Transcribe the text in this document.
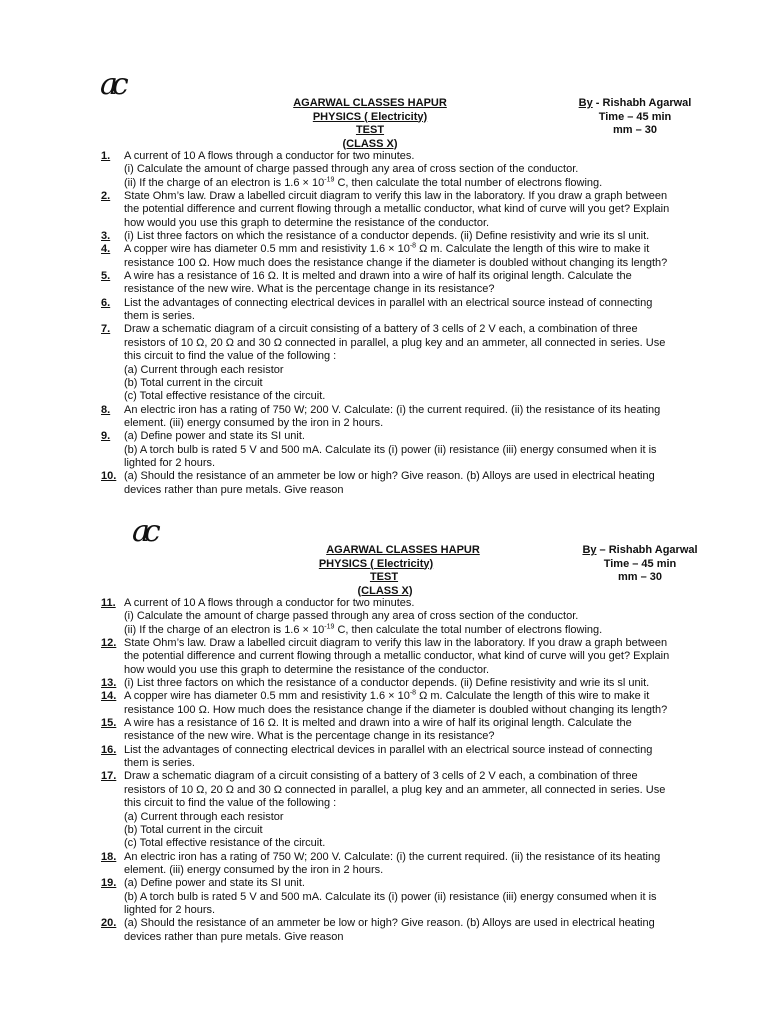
ac
AGARWAL CLASSES HAPUR
PHYSICS ( Electricity)
TEST
(CLASS X)
By - Rishabh Agarwal
Time – 45 min
mm – 30
1. A current of 10 A flows through a conductor for two minutes.
(i) Calculate the amount of charge passed through any area of cross section of the conductor.
(ii) If the charge of an electron is $1.6 \times 10^{-19}$ C, then calculate the total number of electrons flowing.
2. State Ohm’s law. Draw a labelled circuit diagram to verify this law in the laboratory. If you draw a graph between
the potential difference and current flowing through a metallic conductor, what kind of curve will you get? Explain
how would you use this graph to determine the resistance of the conductor.
3. (i) List three factors on which the resistance of a conductor depends. (ii) Define resistivity and wrie its sl unit.
4. A copper wire has diameter 0.5 mm and resistivity $1.6 \times 10^{-8}$ Ω m. Calculate the length of this wire to make it
resistance 100 Ω. How much does the resistance change if the diameter is doubled without changing its length?
5. A wire has a resistance of 16 Ω. It is melted and drawn into a wire of half its original length. Calculate the
resistance of the new wire. What is the percentage change in its resistance?
6. List the advantages of connecting electrical devices in parallel with an electrical source instead of connecting
them is series.
7. Draw a schematic diagram of a circuit consisting of a battery of 3 cells of 2 V each, a combination of three
resistors of 10 Ω, 20 Ω and 30 Ω connected in parallel, a plug key and an ammeter, all connected in series. Use
this circuit to find the value of the following :
(a) Current through each resistor
(b) Total current in the circuit
(c) Total effective resistance of the circuit.
8. An electric iron has a rating of 750 W; 200 V. Calculate: (i) the current required. (ii) the resistance of its heating
element. (iii) energy consumed by the iron in 2 hours.
9. (a) Define power and state its SI unit.
(b) A torch bulb is rated 5 V and 500 mA. Calculate its (i) power (ii) resistance (iii) energy consumed when it is
lighted for 2 hours.
10. (a) Should the resistance of an ammeter be low or high? Give reason. (b) Alloys are used in electrical heating
devices rather than pure metals. Give reason
ac
AGARWAL CLASSES HAPUR
PHYSICS ( Electricity)
TEST
(CLASS X)
By – Rishabh Agarwal
Time – 45 min
mm – 30
11. A current of 10 A flows through a conductor for two minutes.
(i) Calculate the amount of charge passed through any area of cross section of the conductor.
(ii) If the charge of an electron is $1.6 \times 10^{-19}$ C, then calculate the total number of electrons flowing.
12. State Ohm’s law. Draw a labelled circuit diagram to verify this law in the laboratory. If you draw a graph between
the potential difference and current flowing through a metallic conductor, what kind of curve will you get? Explain
how would you use this graph to determine the resistance of the conductor.
13. (i) List three factors on which the resistance of a conductor depends. (ii) Define resistivity and wrie its sl unit.
14. A copper wire has diameter 0.5 mm and resistivity $1.6 \times 10^{-8}$ Ω m. Calculate the length of this wire to make it
resistance 100 Ω. How much does the resistance change if the diameter is doubled without changing its length?
15. A wire has a resistance of 16 Ω. It is melted and drawn into a wire of half its original length. Calculate the
resistance of the new wire. What is the percentage change in its resistance?
16. List the advantages of connecting electrical devices in parallel with an electrical source instead of connecting
them is series.
17. Draw a schematic diagram of a circuit consisting of a battery of 3 cells of 2 V each, a combination of three
resistors of 10 Ω, 20 Ω and 30 Ω connected in parallel, a plug key and an ammeter, all connected in series. Use
this circuit to find the value of the following :
(a) Current through each resistor
(b) Total current in the circuit
(c) Total effective resistance of the circuit.
18. An electric iron has a rating of 750 W; 200 V. Calculate: (i) the current required. (ii) the resistance of its heating
element. (iii) energy consumed by the iron in 2 hours.
19. (a) Define power and state its SI unit.
(b) A torch bulb is rated 5 V and 500 mA. Calculate its (i) power (ii) resistance (iii) energy consumed when it is
lighted for 2 hours.
20. (a) Should the resistance of an ammeter be low or high? Give reason. (b) Alloys are used in electrical heating
devices rather than pure metals. Give reason
